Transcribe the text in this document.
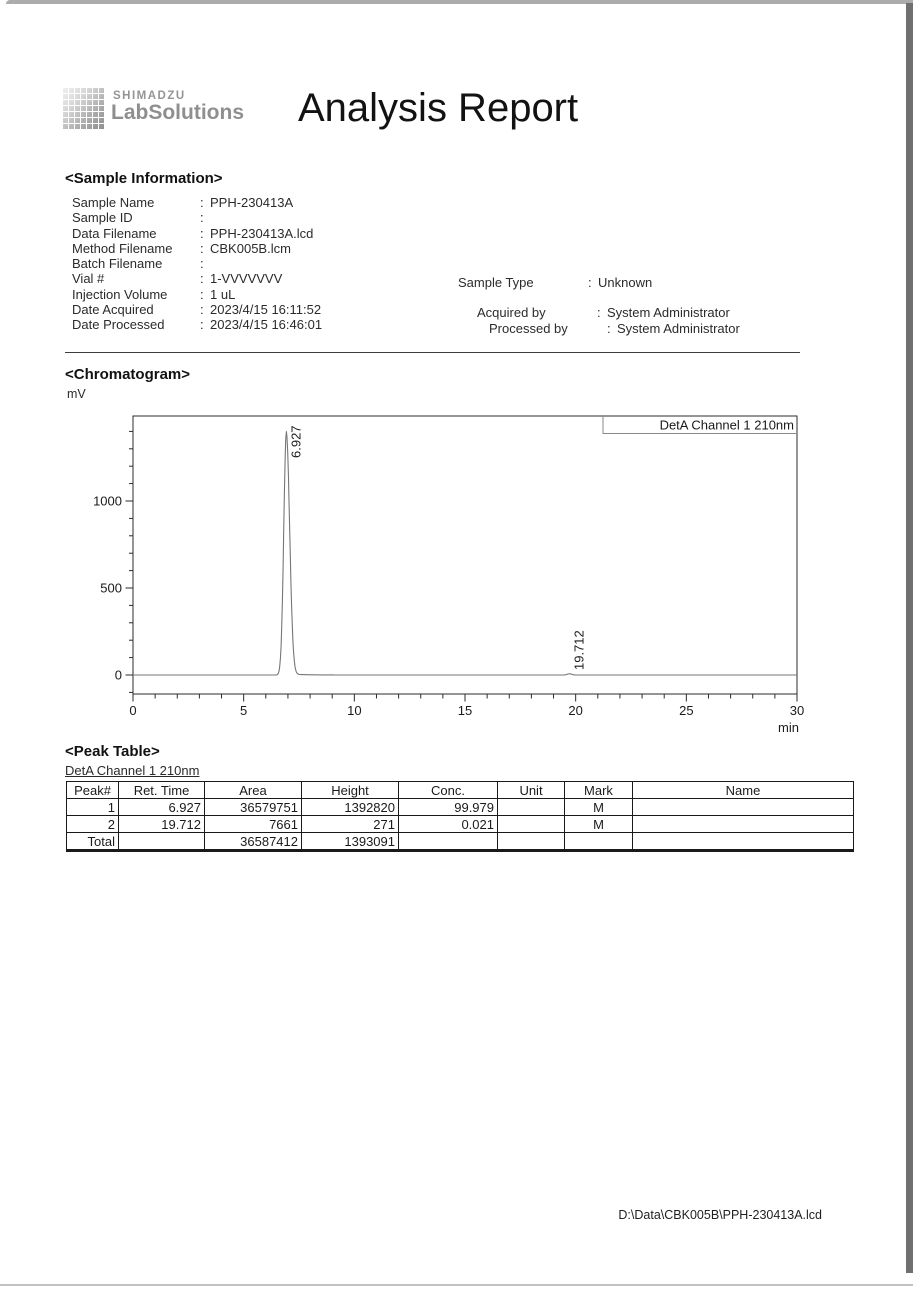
SHIMADZU
LabSolutions Analysis Report
<Sample Information>
Sample Name	: PPH-230413A
Sample ID	:
Data Filename	: PPH-230413A.lcd
Method Filename : CBK005B.lcm
Batch Filename	:
Vial #	: 1-VVVVVVV
Injection Volume	: 1 uL
Date Acquired	: 2023/4/15 16:11:52
Date Processed	: 2023/4/15 16:46:01
Sample Type	: Unknown
Acquired by	: System Administrator
Processed by	: System Administrator
<Chromatogram>
mV
0
500
1000
0	5	10	15	20	25	30
min
DetA Channel 1 210nm
6.927
19.712
<Peak Table>
DetA Channel 1 210nm
Peak#	Ret. Time	Area	Height	Conc.	Unit	Mark	Name
1	6.927	36579751	1392820	99.979		M	
2	19.712	7661	271	0.021		M	
Total		36587412	1393091				
D:\Data\CBK005B\PPH-230413A.lcd
